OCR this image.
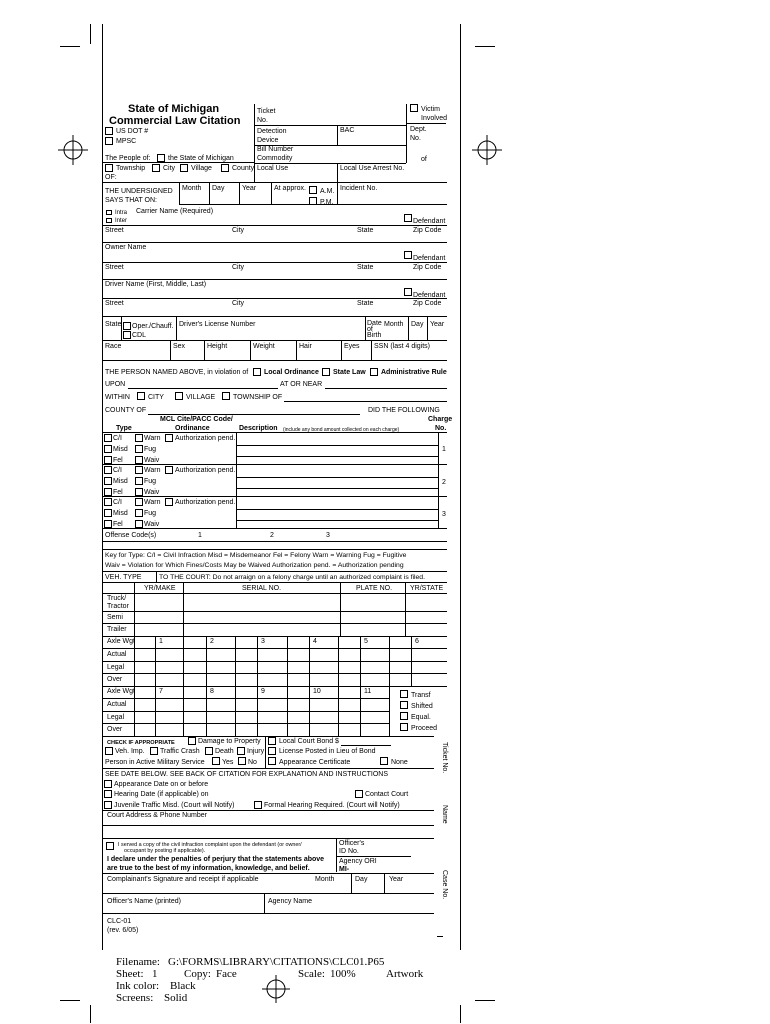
State of Michigan
Commercial Law Citation
US DOT #
MPSC
The People of: the State of Michigan
Township	City Village	County
OF:
Ticket
No.
Detection
Device
BAC
Bill Number
Commodity
Local Use	Local Use Arrest No.
Victim
Involved
Dept.
No.
of
THE UNDERSIGNED
SAYS THAT ON:
Month Day	Year	At approx. A.M.
P.M.
Incident No.
Intra
Inter
Carrier Name (Required)
Defendant
Street	City	State	Zip Code
Owner Name
Defendant
Street	City	State	Zip Code
Driver Name (First, Middle, Last)
Defendant
Street	City	State	Zip Code
State Oper./Chauff.
CDL
Driver's License Number	Date
of
Birth
Month Day Year
Race	Sex	Height	Weight	Hair	Eyes SSN (last 4 digits)
THE PERSON NAMED ABOVE, in violation of Local Ordinance State Law Administrative Rule
UPON	AT OR NEAR
WITHIN	CITY	VILLAGE	TOWNSHIP OF
COUNTY OF	DID THE FOLLOWING
MCL Cite/PACC Code/
Ordinance
Charge
Type	Description (include any bond amount collected on each charge)	No.
C/I	Warn Authorization pend.
Misd Fug
Fel	Waiv
1
C/I	Warn Authorization pend.
Misd Fug
Fel	Waiv
2
C/I	Warn Authorization pend.
Misd Fug
Fel	Waiv
3
Offense Code(s)	1	2	3
Key for Type: C/I = Civil Infraction Misd = Misdemeanor Fel = Felony Warn = Warning Fug = Fugitive
Waiv = Violation for Which Fines/Costs May be Waived Authorization pend. = Authorization pending
VEH. TYPE	TO THE COURT: Do not arraign on a felony charge until an authorized complaint is filed.
YR/MAKE	SERIAL NO.	PLATE NO.	YR/STATE
Truck/
Tractor
Semi
Trailer
Axle Wgt	1	2	3	4	5	6
Actual
Legal
Over
Axle Wgt	7	8	9	10	11
Actual
Legal
Over
Transf
Shifted
Equal.
Proceed
CHECK IF APPROPRIATE	Damage to Property
Veh. Imp. Traffic Crash Death Injury
Person in Active Military Service Yes No
Local Court Bond $
License Posted in Lieu of Bond
Appearance Certificate	None
SEE DATE BELOW. SEE BACK OF CITATION FOR EXPLANATION AND INSTRUCTIONS
Appearance Date on or before
Hearing Date (if applicable) on	Contact Court
Juvenile Traffic Misd. (Court will Notify)	Formal Hearing Required. (Court will Notify)
Court Address & Phone Number
I served a copy of the civil infraction complaint upon the defendant (or owner/
occupant by posting if applicable).
I declare under the penalties of perjury that the statements above
are true to the best of my information, knowledge, and belief.
Officer's
ID No.
Agency ORI
MI-
Complainant's Signature and receipt if applicable	Month	Day	Year
Officer's Name (printed)	Agency Name
CLC-01
(rev. 6/05)
Ticket No.
Name
Case No.
Filename: G:\FORMS\LIBRARY\CITATIONS\CLC01.P65
Sheet: 1 Copy: Face	Scale: 100%	Artwork
Ink color: Black
Screens: Solid
